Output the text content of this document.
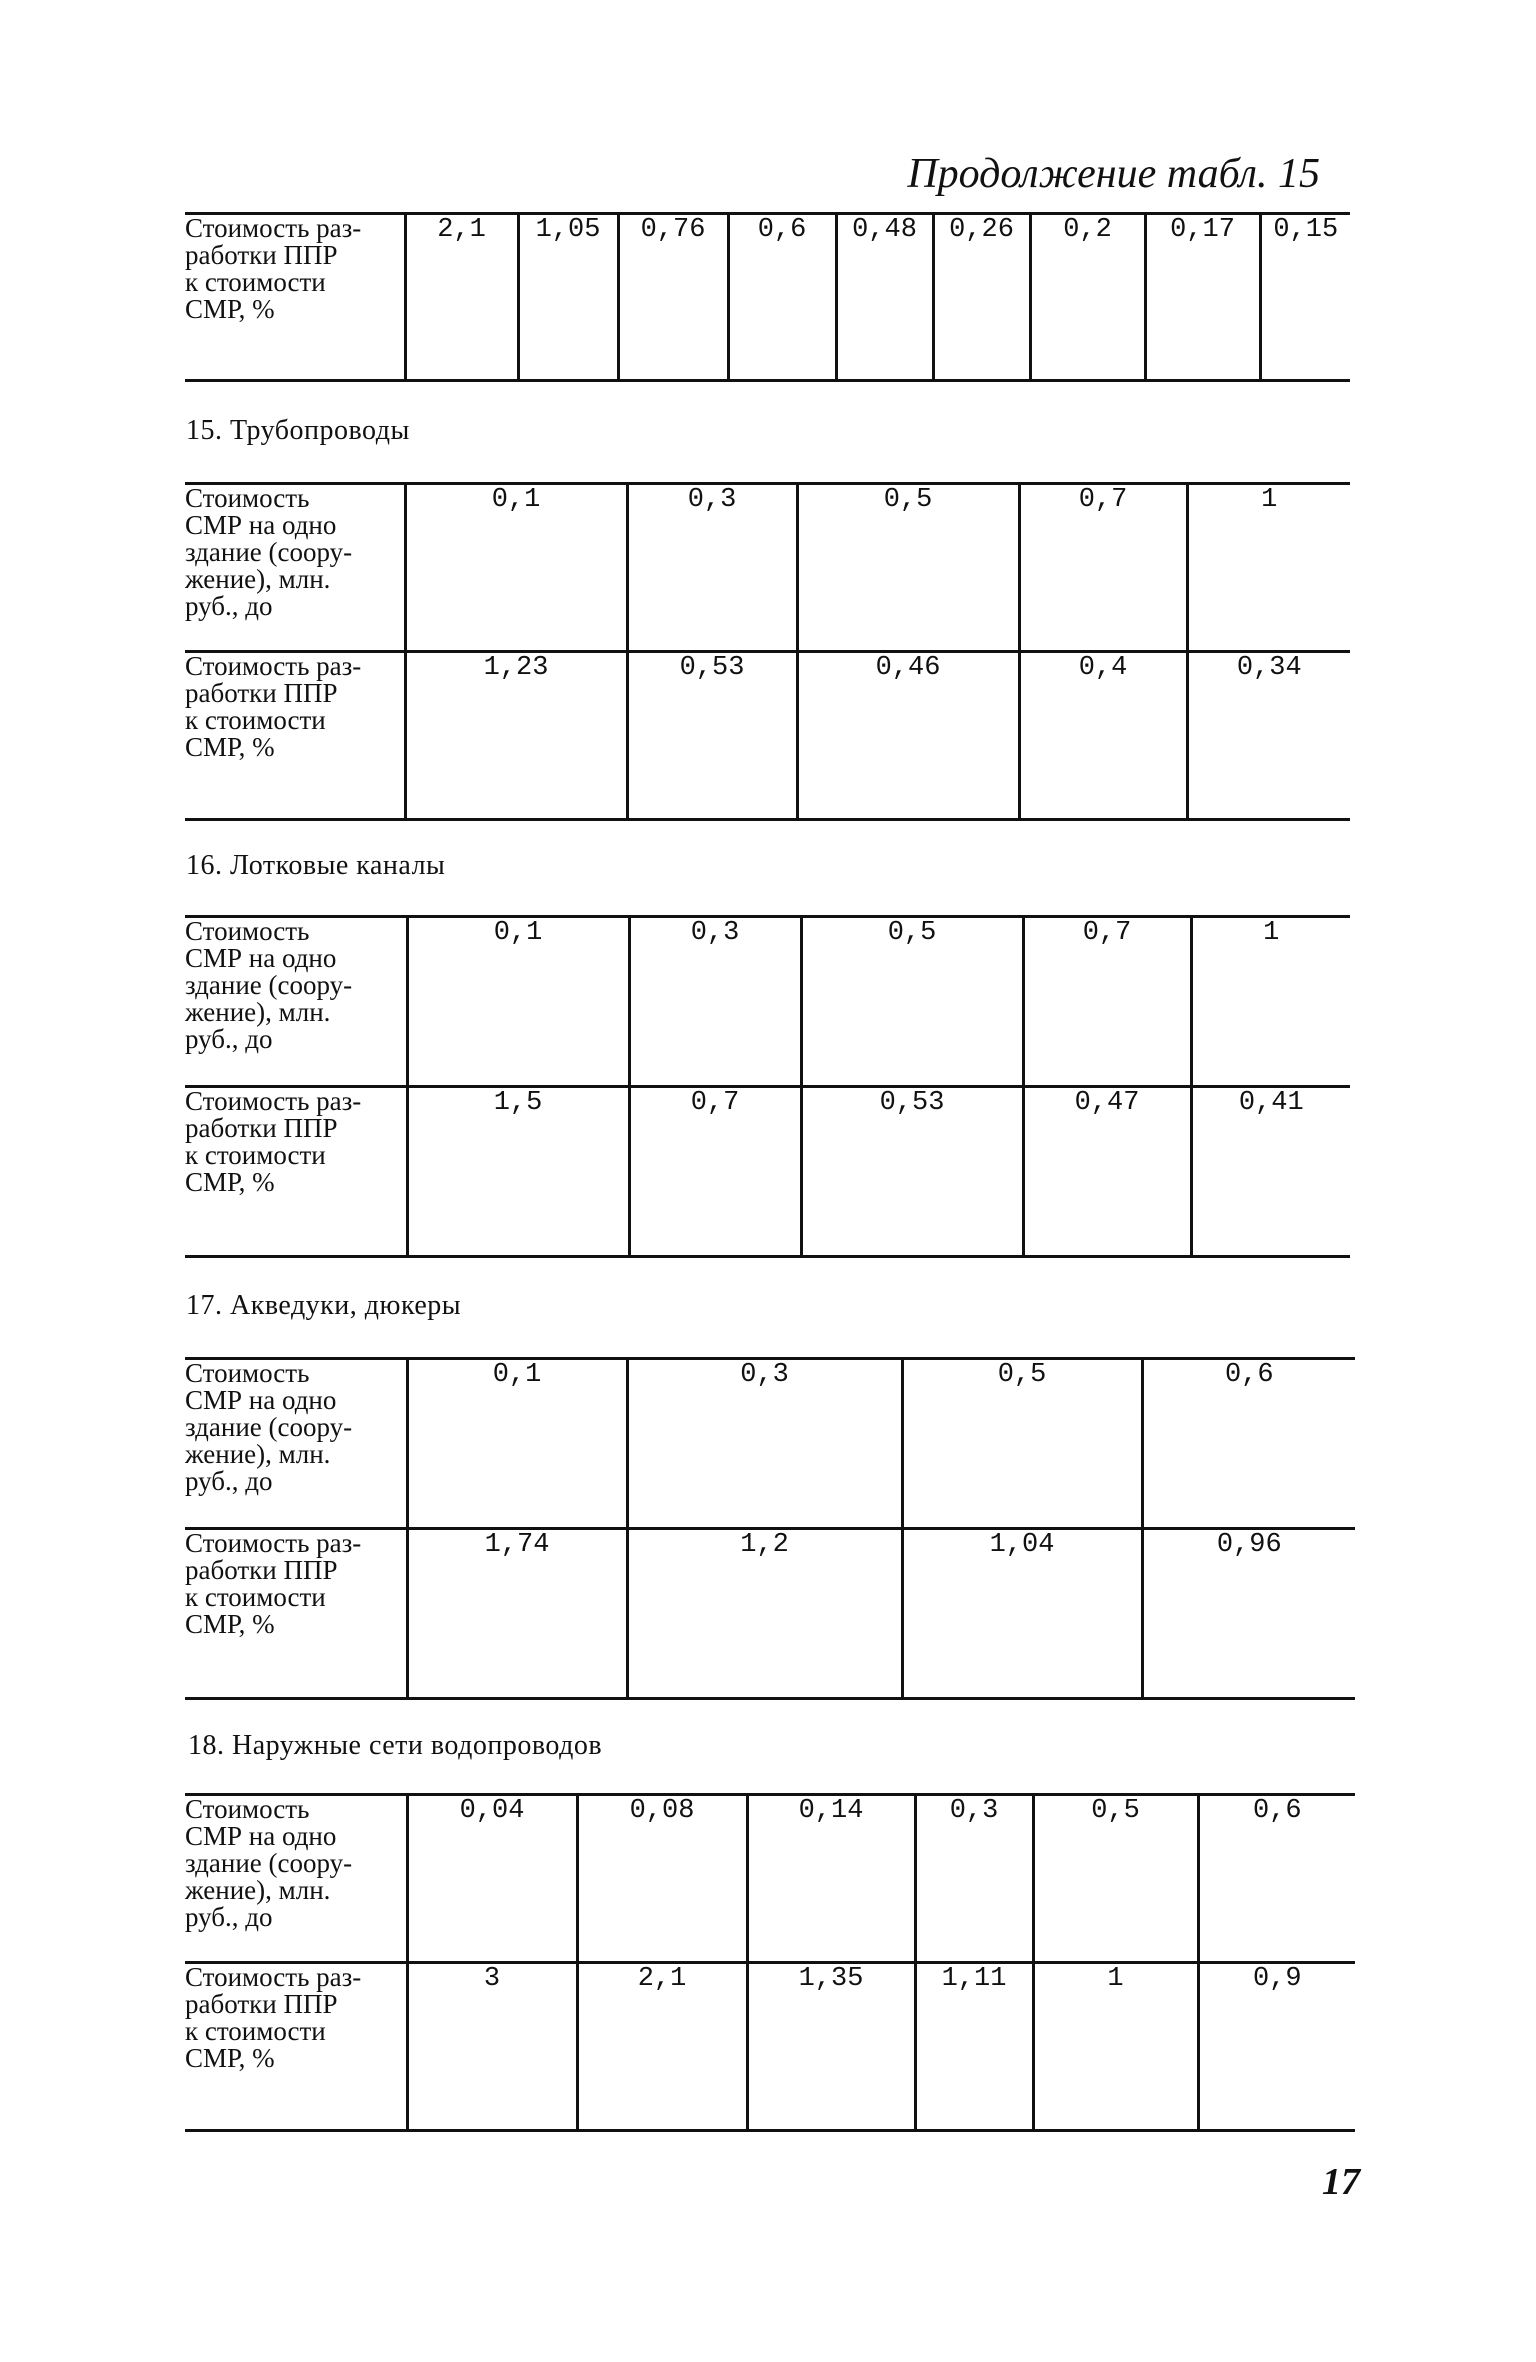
Продолжение табл. 15
Стоимость раз-
работки ППР
к стоимости
СМР, %
	2,1	1,05	0,76	0,6	0,48	0,26	0,2	0,17	0,15
15. Трубопроводы
Стоимость
СМР на одно
здание (соору-
жение), млн.
руб., до	0,1	0,3	0,5	0,7	1

Стоимость раз-
работки ППР
к стоимости
СМР, %	1,23	0,53	0,46	0,4	0,34
16. Лотковые каналы
Стоимость
СМР на одно
здание (соору-
жение), млн.
руб., до	0,1	0,3	0,5	0,7	1

Стоимость раз-
работки ППР
к стоимости
СМР, %	1,5	0,7	0,53	0,47	0,41
17. Акведуки, дюкеры
Стоимость
СМР на одно
здание (соору-
жение), млн.
руб., до	0,1	0,3	0,5	0,6

Стоимость раз-
работки ППР
к стоимости
СМР, %	1,74	1,2	1,04	0,96
18. Наружные сети водопроводов
Стоимость
СМР на одно
здание (соору-
жение), млн.
руб., до	0,04	0,08	0,14	0,3	0,5	0,6

Стоимость раз-
работки ППР
к стоимости
СМР, %	3	2,1	1,35	1,11	1	0,9
17
